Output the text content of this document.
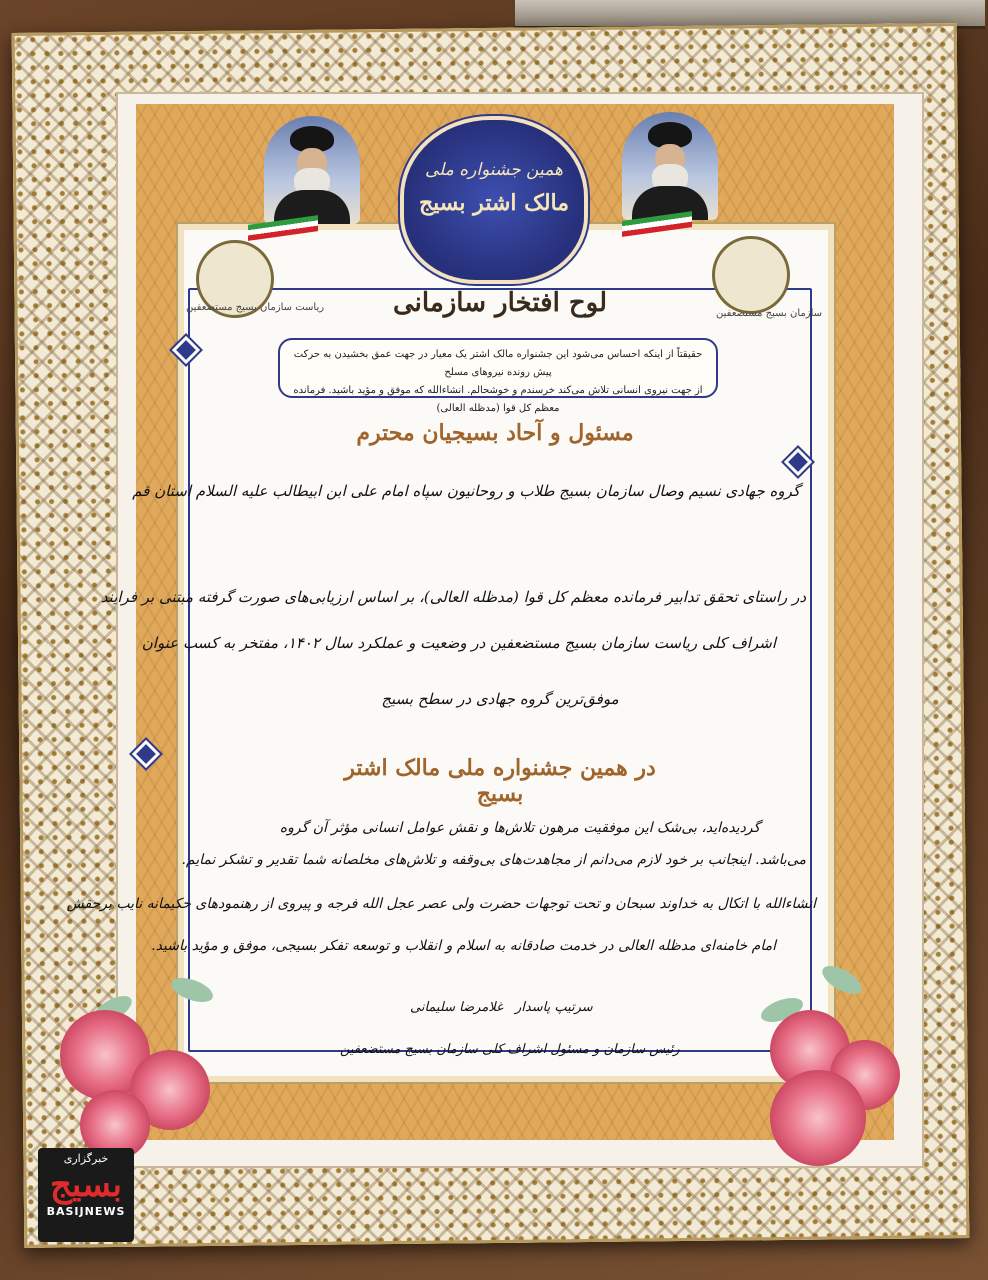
همین جشنواره ملی
مالک اشتر بسیج
ریاست سازمان بسیج مستضعفین
سازمان بسیج مستضعفین
لوح افتخار سازمانی
حقیقتاً از اینکه احساس می‌شود این جشنواره مالک اشتر یک معیار در جهت عمق بخشیدن به حرکت پیش رونده نیروهای مسلح
از جهت نیروی انسانی تلاش می‌کند خرسندم و خوشحالم. انشاءالله که موفق و مؤید باشید. فرمانده معظم کل قوا (مدظله العالی)
مسئول و آحاد بسیجیان محترم
گروه جهادی نسیم وصال سازمان بسیج طلاب و روحانیون سپاه امام علی ابن ابیطالب علیه السلام استان قم
در راستای تحقق تدابیر فرمانده معظم کل قوا (مدظله العالی)، بر اساس ارزیابی‌های صورت گرفته مبتنی بر فرایند
اشراف کلی ریاست سازمان بسیج مستضعفین در وضعیت و عملکرد سال ۱۴۰۲، مفتخر به کسب عنوان
موفق‌ترین گروه جهادی در سطح بسیج
در همین جشنواره ملی مالک اشتر بسیج
گردیده‌اید، بی‌شک این موفقیت مرهون تلاش‌ها و نقش عوامل انسانی مؤثر آن گروه
می‌باشد. اینجانب بر خود لازم می‌دانم از مجاهدت‌های بی‌وقفه و تلاش‌های مخلصانه شما تقدیر و تشکر نمایم.
انشاءالله با اتکال به خداوند سبحان و تحت توجهات حضرت ولی عصر عجل الله فرجه و پیروی از رهنمودهای حکیمانه نایب برحقش
امام خامنه‌ای مدظله العالی در خدمت صادقانه به اسلام و انقلاب و توسعه تفکر بسیجی، موفق و مؤید باشید.
سرتیپ پاسدار غلامرضا سلیمانی
رئیس سازمان و مسئول اشراف کلی سازمان بسیج مستضعفین
خبرگزاری
بسیج
BASIJNEWS
